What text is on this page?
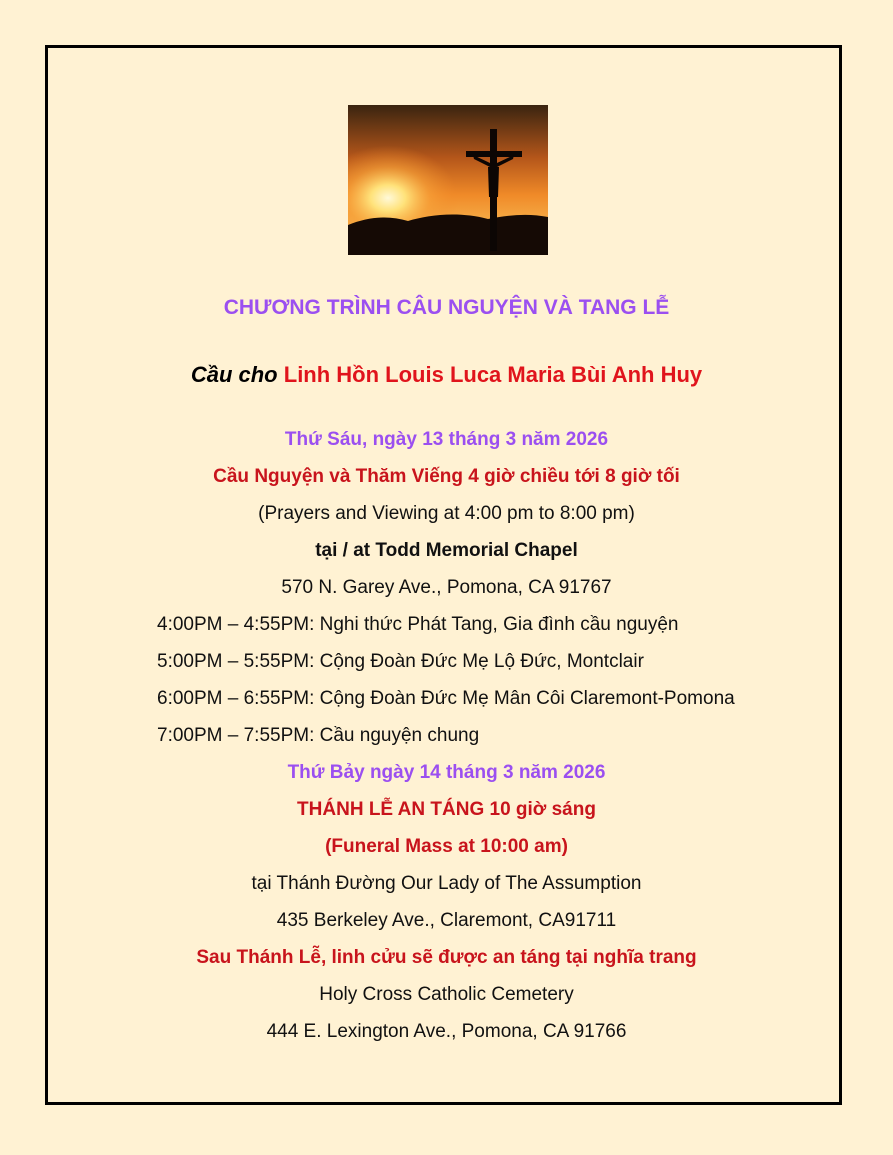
CHƯƠNG TRÌNH CÂU NGUYỆN VÀ TANG LỄ
Cầu cho Linh Hồn Louis Luca Maria Bùi Anh Huy
Thứ Sáu, ngày 13 tháng 3 năm 2026
Cầu Nguyện và Thăm Viếng 4 giờ chiều tới 8 giờ tối
(Prayers and Viewing at 4:00 pm to 8:00 pm)
tại / at Todd Memorial Chapel
570 N. Garey Ave., Pomona, CA 91767
4:00PM – 4:55PM: Nghi thức Phát Tang, Gia đình cầu nguyện
5:00PM – 5:55PM: Cộng Đoàn Đức Mẹ Lộ Đức, Montclair
6:00PM – 6:55PM: Cộng Đoàn Đức Mẹ Mân Côi Claremont-Pomona
7:00PM – 7:55PM: Cầu nguyện chung
Thứ Bảy ngày 14 tháng 3 năm 2026
THÁNH LỄ AN TÁNG 10 giờ sáng
(Funeral Mass at 10:00 am)
tại Thánh Đường Our Lady of The Assumption
435 Berkeley Ave., Claremont, CA91711
Sau Thánh Lễ, linh cửu sẽ được an táng tại nghĩa trang
Holy Cross Catholic Cemetery
444 E. Lexington Ave., Pomona, CA 91766
